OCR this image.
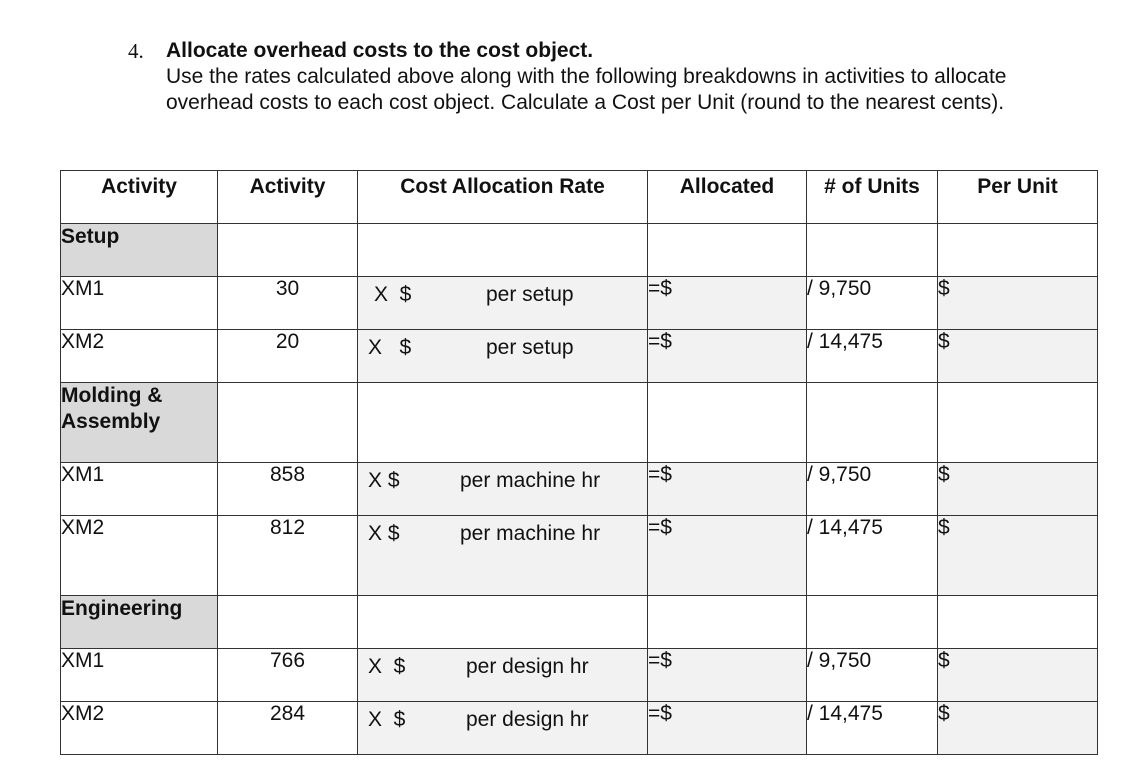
4. Allocate overhead costs to the cost object.
Use the rates calculated above along with the following breakdowns in activities to allocate overhead costs to each cost object. Calculate a Cost per Unit (round to the nearest cents).
Activity	Activity	Cost Allocation Rate	Allocated	# of Units	Per Unit
Setup					
XM1	30	X  $ per setup	=$	/ 9,750	$
XM2	20	X   $ per setup	=$	/ 14,475	$
Molding & Assembly					
XM1	858	X $ per machine hr	=$	/ 9,750	$
XM2	812	X $ per machine hr	=$	/ 14,475	$
Engineering					
XM1	766	X  $ per design hr	=$	/ 9,750	$
XM2	284	X  $ per design hr	=$	/ 14,475	$
